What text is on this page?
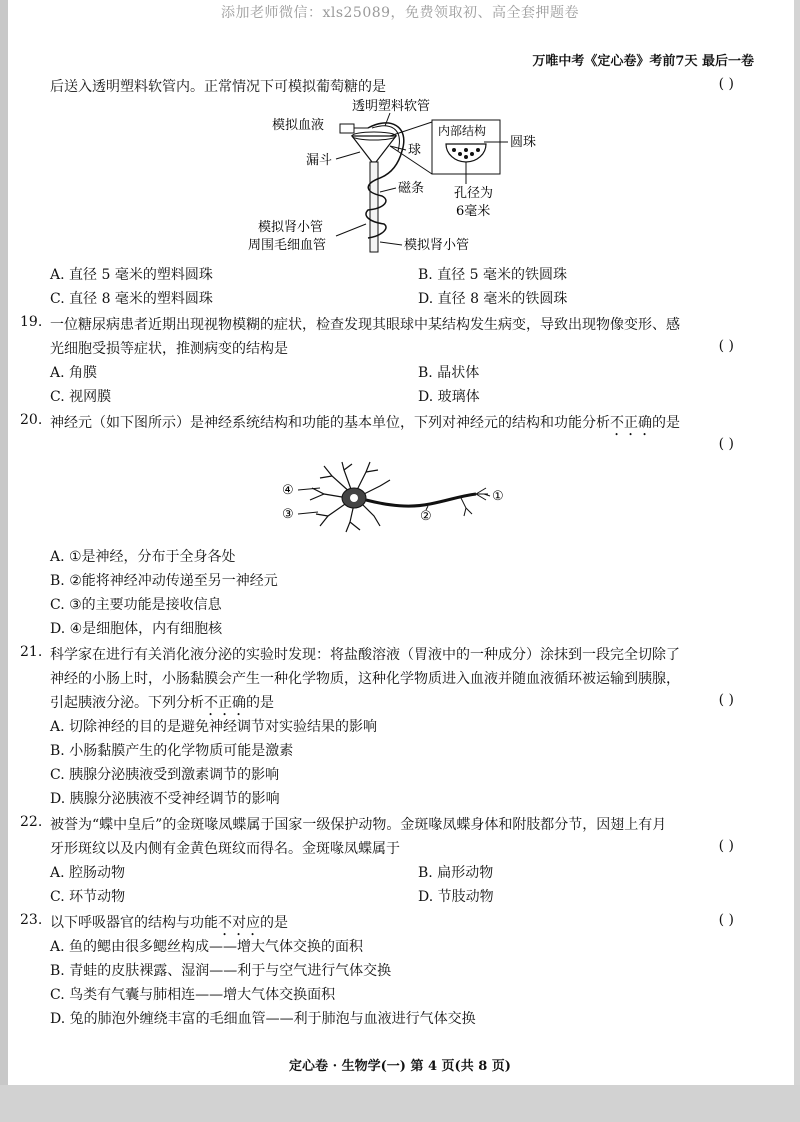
添加老师微信：xls25089，免费领取初、高全套押题卷
万唯中考《定心卷》考前7天 最后一卷
后送入透明塑料软管内。正常情况下可模拟葡萄糖的是	( )
透明塑料软管
模拟血液
漏斗
球
磁条
内部结构
圆珠
孔径为
6毫米
模拟肾小管
周围毛细血管	模拟肾小管
A. 直径 5 毫米的塑料圆珠	B. 直径 5 毫米的铁圆珠
C. 直径 8 毫米的塑料圆珠	D. 直径 8 毫米的铁圆珠
19. 一位糖尿病患者近期出现视物模糊的症状，检查发现其眼球中某结构发生病变，导致出现物像变形、感
光细胞受损等症状，推测病变的结构是	( )
A. 角膜	B. 晶状体
C. 视网膜	D. 玻璃体
20. 神经元（如下图所示）是神经系统结构和功能的基本单位，下列对神经元的结构和功能分析不正确的是
( )
④
③	②
①
A. ①是神经，分布于全身各处
B. ②能将神经冲动传递至另一神经元
C. ③的主要功能是接收信息
D. ④是细胞体，内有细胞核
21. 科学家在进行有关消化液分泌的实验时发现：将盐酸溶液（胃液中的一种成分）涂抹到一段完全切除了
神经的小肠上时，小肠黏膜会产生一种化学物质，这种化学物质进入血液并随血液循环被运输到胰腺，
引起胰液分泌。下列分析不正确的是	( )
A. 切除神经的目的是避免神经调节对实验结果的影响
B. 小肠黏膜产生的化学物质可能是激素
C. 胰腺分泌胰液受到激素调节的影响
D. 胰腺分泌胰液不受神经调节的影响
22. 被誉为“蝶中皇后”的金斑喙凤蝶属于国家一级保护动物。金斑喙凤蝶身体和附肢都分节，因翅上有月
牙形斑纹以及内侧有金黄色斑纹而得名。金斑喙凤蝶属于	( )
A. 腔肠动物	B. 扁形动物
C. 环节动物	D. 节肢动物
23. 以下呼吸器官的结构与功能不对应的是	( )
A. 鱼的鳃由很多鳃丝构成——增大气体交换的面积
B. 青蛙的皮肤裸露、湿润——利于与空气进行气体交换
C. 鸟类有气囊与肺相连——增大气体交换面积
D. 兔的肺泡外缠绕丰富的毛细血管——利于肺泡与血液进行气体交换
定心卷 · 生物学(一) 第 4 页(共 8 页)
